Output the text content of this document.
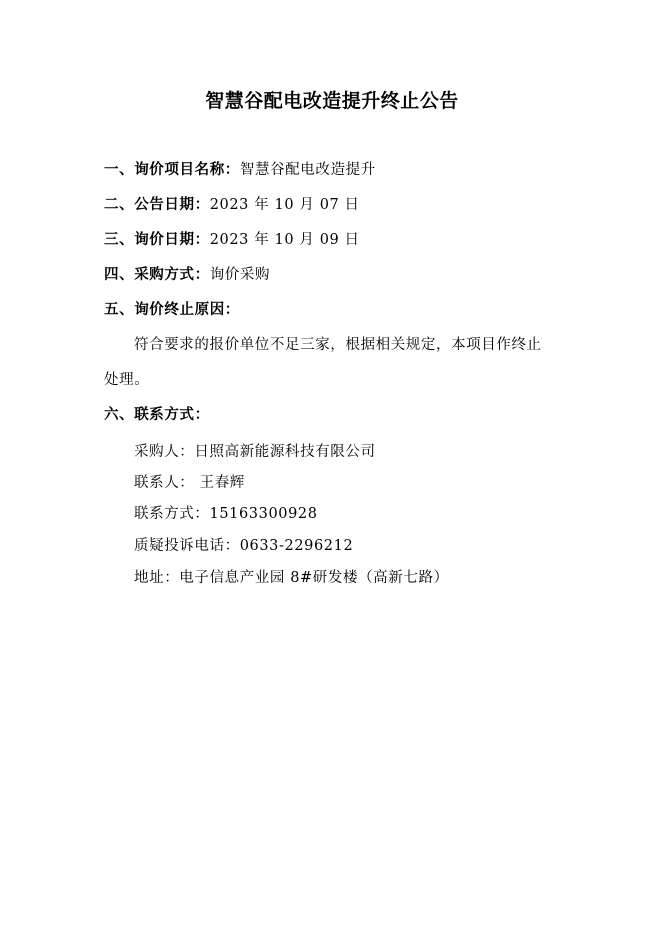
智慧谷配电改造提升终止公告
一、询价项目名称：智慧谷配电改造提升
二、公告日期：2023 年 10 月 07 日
三、询价日期：2023 年 10 月 09 日
四、采购方式：询价采购
五、询价终止原因：
符合要求的报价单位不足三家，根据相关规定，本项目作终止
处理。
六、联系方式：
采购人：日照高新能源科技有限公司
联系人： 王春辉
联系方式：15163300928
质疑投诉电话：0633-2296212
地址：电子信息产业园 8#研发楼（高新七路）
